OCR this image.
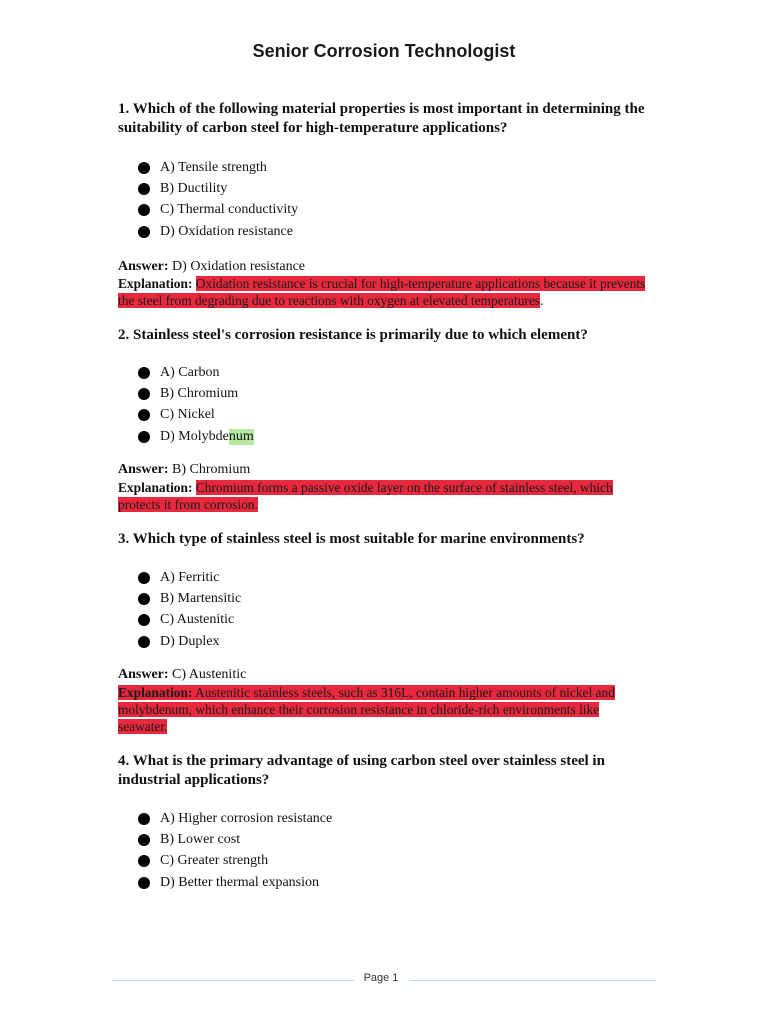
Senior Corrosion Technologist
1. Which of the following material properties is most important in determining the suitability of carbon steel for high-temperature applications?
A) Tensile strength
B) Ductility
C) Thermal conductivity
D) Oxidation resistance
Answer: D) Oxidation resistance
Explanation: Oxidation resistance is crucial for high-temperature applications because it prevents the steel from degrading due to reactions with oxygen at elevated temperatures.
2. Stainless steel's corrosion resistance is primarily due to which element?
A) Carbon
B) Chromium
C) Nickel
D) Molybde num
Answer: B) Chromium
Explanation: Chromium forms a passive oxide layer on the surface of stainless steel, which protects it from corrosion.
3. Which type of stainless steel is most suitable for marine environments?
A) Ferritic
B) Martensitic
C) Austenitic
D) Duplex
Answer: C) Austenitic
Explanation: Austenitic stainless steels, such as 316L, contain higher amounts of nickel and molybdenum, which enhance their corrosion resistance in chloride-rich environments like seawater.
4. What is the primary advantage of using carbon steel over stainless steel in industrial applications?
A) Higher corrosion resistance
B) Lower cost
C) Greater strength
D) Better thermal expansion
Page 1
